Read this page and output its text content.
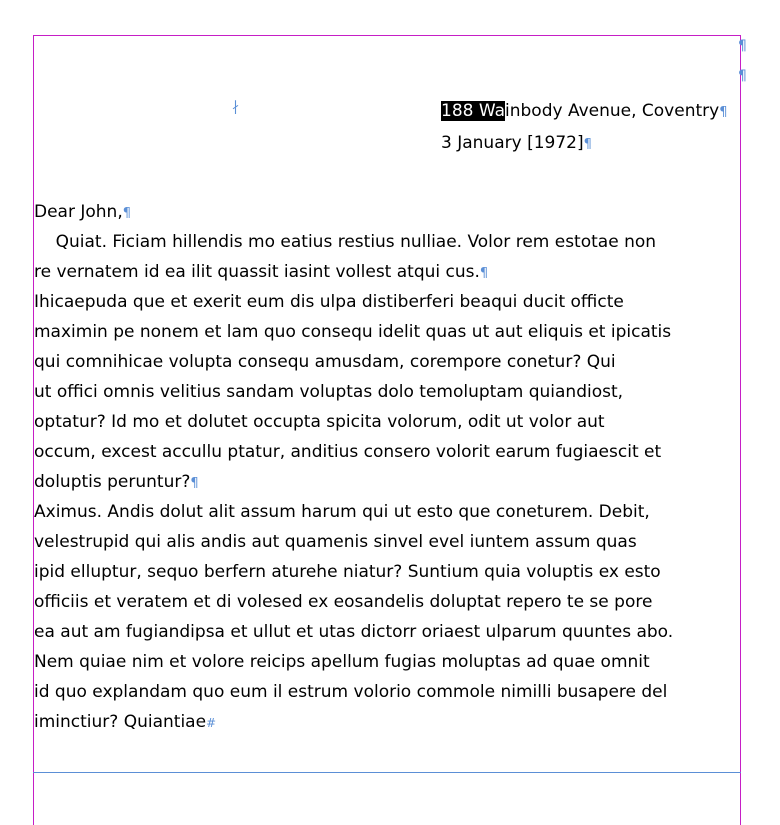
¶
¶
∤	188 Wainbody Avenue, Coventry¶
3 January [1972]¶
Dear John,¶
Quiat. Ficiam hillendis mo eatius restius nulliae. Volor rem estotae non
re vernatem id ea ilit quassit iasint vollest atqui cus.¶
Ihicaepuda que et exerit eum dis ulpa distiberferi beaqui ducit officte
maximin pe nonem et lam quo consequ idelit quas ut aut eliquis et ipicatis
qui comnihicae volupta consequ amusdam, corempore conetur? Qui
ut offici omnis velitius sandam voluptas dolo temoluptam quiandiost,
optatur? Id mo et dolutet occupta spicita volorum, odit ut volor aut
occum, excest accullu ptatur, anditius consero volorit earum fugiaescit et
doluptis peruntur?¶
Aximus. Andis dolut alit assum harum qui ut esto que coneturem. Debit,
velestrupid qui alis andis aut quamenis sinvel evel iuntem assum quas
ipid elluptur, sequo berfern aturehe niatur? Suntium quia voluptis ex esto
officiis et veratem et di volesed ex eosandelis doluptat repero te se pore
ea aut am fugiandipsa et ullut et utas dictorr oriaest ulparum quuntes abo.
Nem quiae nim et volore reicips apellum fugias moluptas ad quae omnit
id quo explandam quo eum il estrum volorio commole nimilli busapere del
iminctiur? Quiantiae#
